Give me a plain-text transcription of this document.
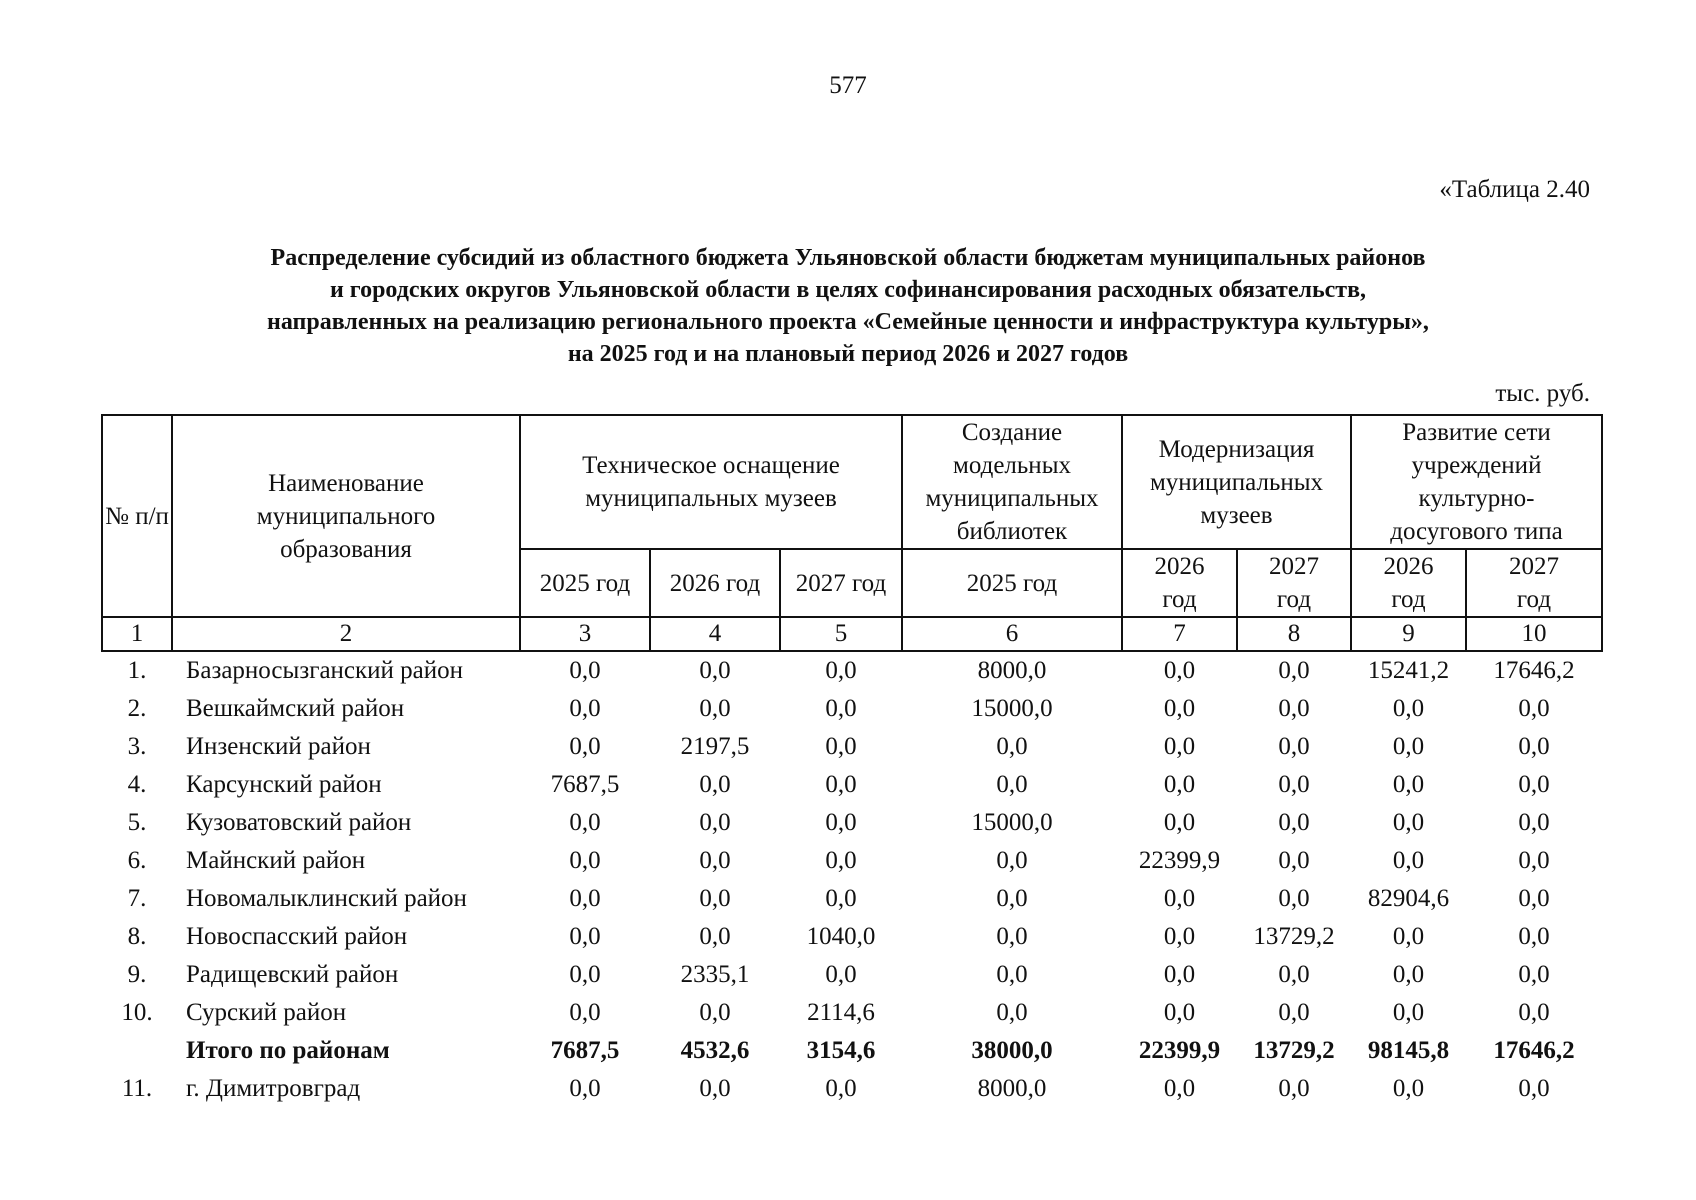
577
«Таблица 2.40
Распределение субсидий из областного бюджета Ульяновской области бюджетам муниципальных районов
и городских округов Ульяновской области в целях софинансирования расходных обязательств,
направленных на реализацию регионального проекта «Семейные ценности и инфраструктура культуры»,
на 2025 год и на плановый период 2026 и 2027 годов
тыс. руб.
№ п/п	Наименование муниципального образования	Техническое оснащение муниципальных музеев			Создание модельных муниципальных библиотек	Модернизация муниципальных музеев		Развитие сети учреждений культурно-досугового типа	
		2025 год	2026 год	2027 год	2025 год	2026 год	2027 год	2026 год	2027 год
1	2	3	4	5	6	7	8	9	10
1.	Базарносызганский район	0,0	0,0	0,0	8000,0	0,0	0,0	15241,2	17646,2
2.	Вешкаймский район	0,0	0,0	0,0	15000,0	0,0	0,0	0,0	0,0
3.	Инзенский район	0,0	2197,5	0,0	0,0	0,0	0,0	0,0	0,0
4.	Карсунский район	7687,5	0,0	0,0	0,0	0,0	0,0	0,0	0,0
5.	Кузоватовский район	0,0	0,0	0,0	15000,0	0,0	0,0	0,0	0,0
6.	Майнский район	0,0	0,0	0,0	0,0	22399,9	0,0	0,0	0,0
7.	Новомалыклинский район	0,0	0,0	0,0	0,0	0,0	0,0	82904,6	0,0
8.	Новоспасский район	0,0	0,0	1040,0	0,0	0,0	13729,2	0,0	0,0
9.	Радищевский район	0,0	2335,1	0,0	0,0	0,0	0,0	0,0	0,0
10.	Сурский район	0,0	0,0	2114,6	0,0	0,0	0,0	0,0	0,0
	Итого по районам	7687,5	4532,6	3154,6	38000,0	22399,9	13729,2	98145,8	17646,2
11.	г. Димитровград	0,0	0,0	0,0	8000,0	0,0	0,0	0,0	0,0
